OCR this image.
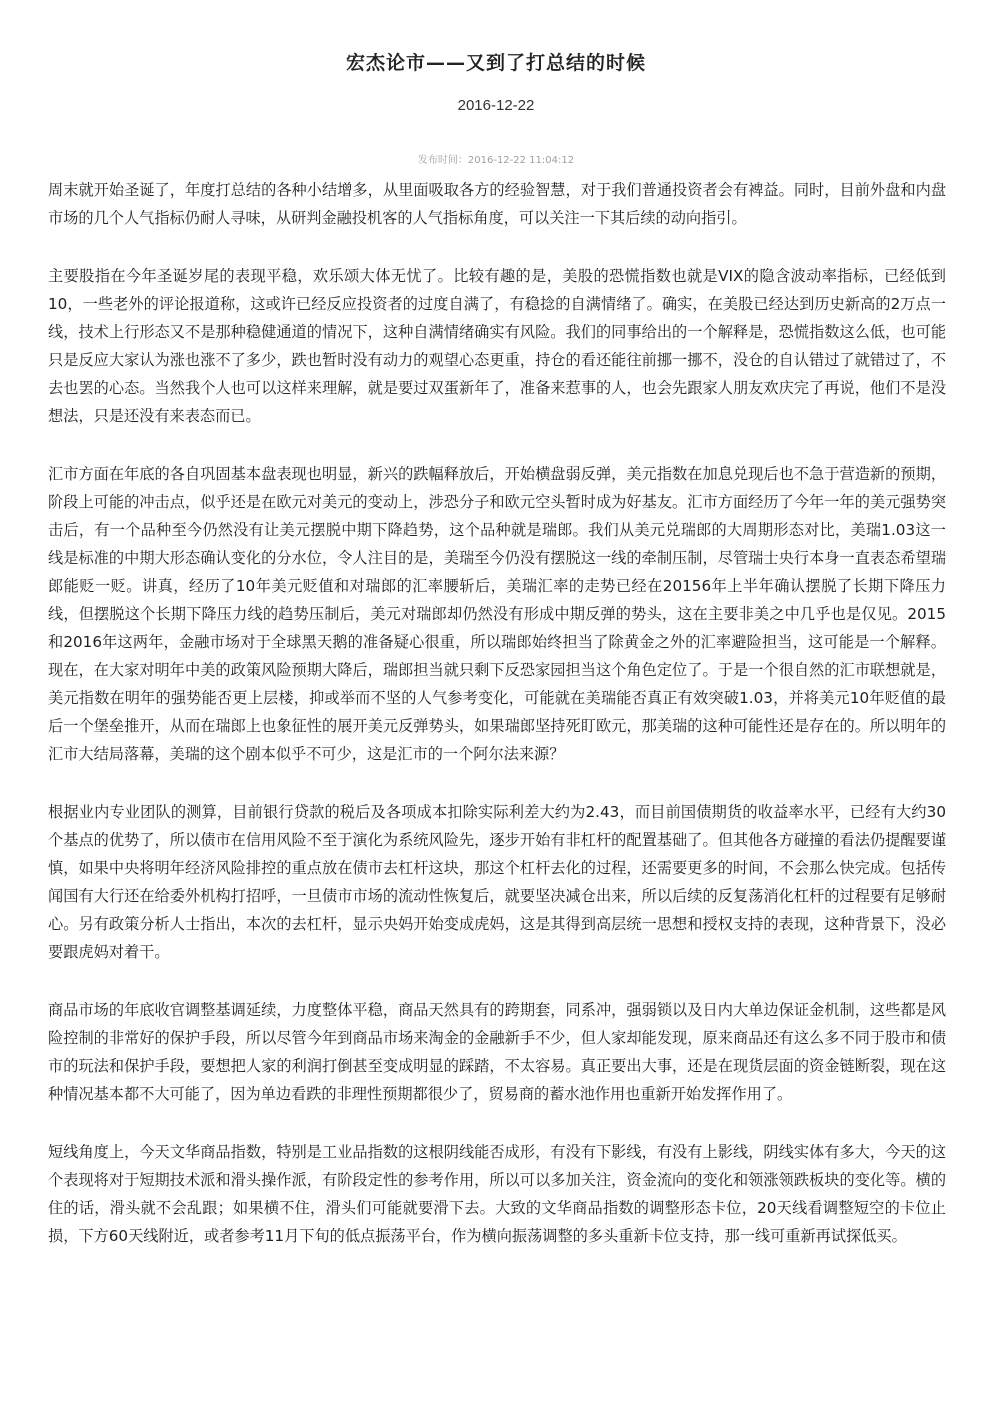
宏杰论市——又到了打总结的时候
2016-12-22
发布时间：2016-12-22 11:04:12

周末就开始圣诞了，年度打总结的各种小结增多，从里面吸取各方的经验智慧，对于我们普通投资者会有裨益。同时，目前外盘和内盘市场的几个人气指标仍耐人寻味，从研判金融投机客的人气指标角度，可以关注一下其后续的动向指引。

主要股指在今年圣诞岁尾的表现平稳，欢乐颂大体无忧了。比较有趣的是，美股的恐慌指数也就是VIX的隐含波动率指标，已经低到10，一些老外的评论报道称，这或许已经反应投资者的过度自满了，有稳捻的自满情绪了。确实，在美股已经达到历史新高的2万点一线，技术上行形态又不是那种稳健通道的情况下，这种自满情绪确实有风险。我们的同事给出的一个解释是，恐慌指数这么低，也可能只是反应大家认为涨也涨不了多少，跌也暂时没有动力的观望心态更重，持仓的看还能往前挪一挪不，没仓的自认错过了就错过了，不去也罢的心态。当然我个人也可以这样来理解，就是要过双蛋新年了，准备来惹事的人，也会先跟家人朋友欢庆完了再说，他们不是没想法，只是还没有来表态而已。

汇市方面在年底的各自巩固基本盘表现也明显，新兴的跌幅释放后，开始横盘弱反弹，美元指数在加息兑现后也不急于营造新的预期，阶段上可能的冲击点，似乎还是在欧元对美元的变动上，涉恐分子和欧元空头暂时成为好基友。汇市方面经历了今年一年的美元强势突击后，有一个品种至今仍然没有让美元摆脱中期下降趋势，这个品种就是瑞郎。我们从美元兑瑞郎的大周期形态对比，美瑞1.03这一线是标准的中期大形态确认变化的分水位，令人注目的是，美瑞至今仍没有摆脱这一线的牵制压制，尽管瑞士央行本身一直表态希望瑞郎能贬一贬。讲真，经历了10年美元贬值和对瑞郎的汇率腰斩后，美瑞汇率的走势已经在20156年上半年确认摆脱了长期下降压力线，但摆脱这个长期下降压力线的趋势压制后，美元对瑞郎却仍然没有形成中期反弹的势头，这在主要非美之中几乎也是仅见。2015和2016年这两年，金融市场对于全球黑天鹅的准备疑心很重，所以瑞郎始终担当了除黄金之外的汇率避险担当，这可能是一个解释。现在，在大家对明年中美的政策风险预期大降后，瑞郎担当就只剩下反恐家园担当这个角色定位了。于是一个很自然的汇市联想就是，美元指数在明年的强势能否更上层楼，抑或举而不坚的人气参考变化，可能就在美瑞能否真正有效突破1.03，并将美元10年贬值的最后一个堡垒推开，从而在瑞郎上也象征性的展开美元反弹势头，如果瑞郎坚持死盯欧元，那美瑞的这种可能性还是存在的。所以明年的汇市大结局落幕，美瑞的这个剧本似乎不可少，这是汇市的一个阿尔法来源？

根据业内专业团队的测算，目前银行贷款的税后及各项成本扣除实际利差大约为2.43，而目前国债期货的收益率水平，已经有大约30个基点的优势了，所以债市在信用风险不至于演化为系统风险先，逐步开始有非杠杆的配置基础了。但其他各方碰撞的看法仍提醒要谨慎，如果中央将明年经济风险排控的重点放在债市去杠杆这块，那这个杠杆去化的过程，还需要更多的时间，不会那么快完成。包括传闻国有大行还在给委外机构打招呼，一旦债市市场的流动性恢复后，就要坚决减仓出来，所以后续的反复荡消化杠杆的过程要有足够耐心。另有政策分析人士指出，本次的去杠杆，显示央妈开始变成虎妈，这是其得到高层统一思想和授权支持的表现，这种背景下，没必要跟虎妈对着干。

商品市场的年底收官调整基调延续，力度整体平稳，商品天然具有的跨期套，同系冲，强弱锁以及日内大单边保证金机制，这些都是风险控制的非常好的保护手段，所以尽管今年到商品市场来淘金的金融新手不少，但人家却能发现，原来商品还有这么多不同于股市和债市的玩法和保护手段，要想把人家的利润打倒甚至变成明显的踩踏，不太容易。真正要出大事，还是在现货层面的资金链断裂，现在这种情况基本都不大可能了，因为单边看跌的非理性预期都很少了，贸易商的蓄水池作用也重新开始发挥作用了。

短线角度上，今天文华商品指数，特别是工业品指数的这根阴线能否成形，有没有下影线，有没有上影线，阴线实体有多大，今天的这个表现将对于短期技术派和滑头操作派，有阶段定性的参考作用，所以可以多加关注，资金流向的变化和领涨领跌板块的变化等。横的住的话，滑头就不会乱跟；如果横不住，滑头们可能就要滑下去。大致的文华商品指数的调整形态卡位，20天线看调整短空的卡位止损，下方60天线附近，或者参考11月下旬的低点振荡平台，作为横向振荡调整的多头重新卡位支持，那一线可重新再试探低买。
